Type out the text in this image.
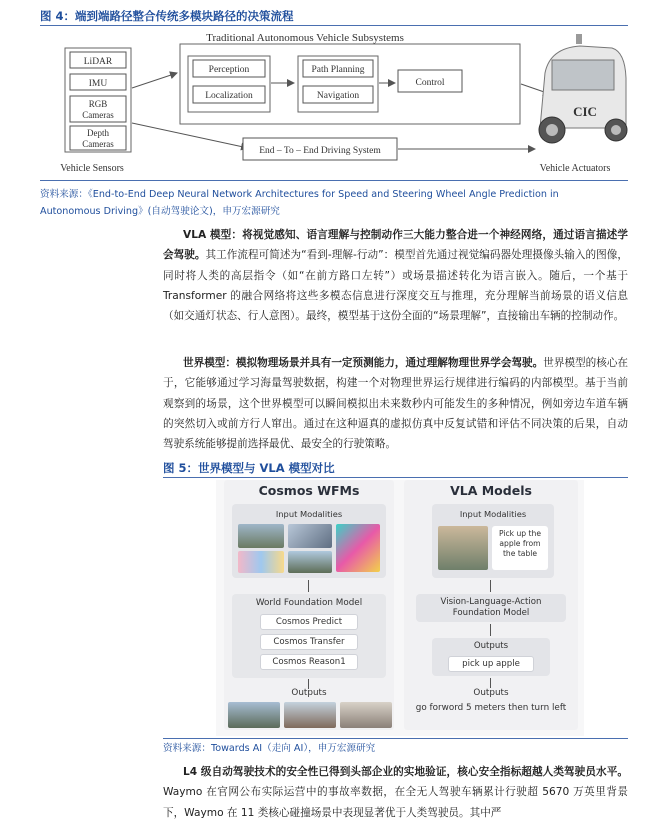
图 4：端到端路径整合传统多模块路径的决策流程
Traditional Autonomous Vehicle Subsystems
LiDAR
IMU
RGB
Cameras
Depth
Cameras
Vehicle Sensors
Perception
Localization
Path Planning
Navigation
Control
End – To – End Driving System
CIC
Vehicle Actuators
资料来源：《End-to-End Deep Neural Network Architectures for Speed and Steering Wheel Angle Prediction in
Autonomous Driving》(自动驾驶论文)，申万宏源研究
VLA 模型：将视觉感知、语言理解与控制动作三大能力整合进一个神经网络，通过语言描述学会驾驶。其工作流程可简述为“看到-理解-行动”：模型首先通过视觉编码器处理摄像头输入的图像，同时将人类的高层指令（如“在前方路口左转”）或场景描述转化为语言嵌入。随后，一个基于 Transformer 的融合网络将这些多模态信息进行深度交互与推理，充分理解当前场景的语义信息（如交通灯状态、行人意图）。最终，模型基于这份全面的“场景理解”，直接输出车辆的控制动作。
世界模型：模拟物理场景并具有一定预测能力，通过理解物理世界学会驾驶。世界模型的核心在于，它能够通过学习海量驾驶数据，构建一个对物理世界运行规律进行编码的内部模型。基于当前观察到的场景，这个世界模型可以瞬间模拟出未来数秒内可能发生的多种情况，例如旁边车道车辆的突然切入或前方行人窜出。通过在这种逼真的虚拟仿真中反复试错和评估不同决策的后果，自动驾驶系统能够提前选择最优、最安全的行驶策略。
图 5：世界模型与 VLA 模型对比
Cosmos WFMs
Input Modalities
World Foundation Model
Cosmos Predict
Cosmos Transfer
Cosmos Reason1
Outputs
VLA Models
Input Modalities
Pick up the apple from the table
Vision-Language-Action Foundation Model
Outputs
pick up apple
Outputs
go forword 5 meters then turn left
资料来源：Towards AI（走向 AI），申万宏源研究
L4 级自动驾驶技术的安全性已得到头部企业的实地验证，核心安全指标超越人类驾驶员水平。Waymo 在官网公布实际运营中的事故率数据，在全无人驾驶车辆累计行驶超 5670 万英里背景下，Waymo 在 11 类核心碰撞场景中表现显著优于人类驾驶员。其中严
